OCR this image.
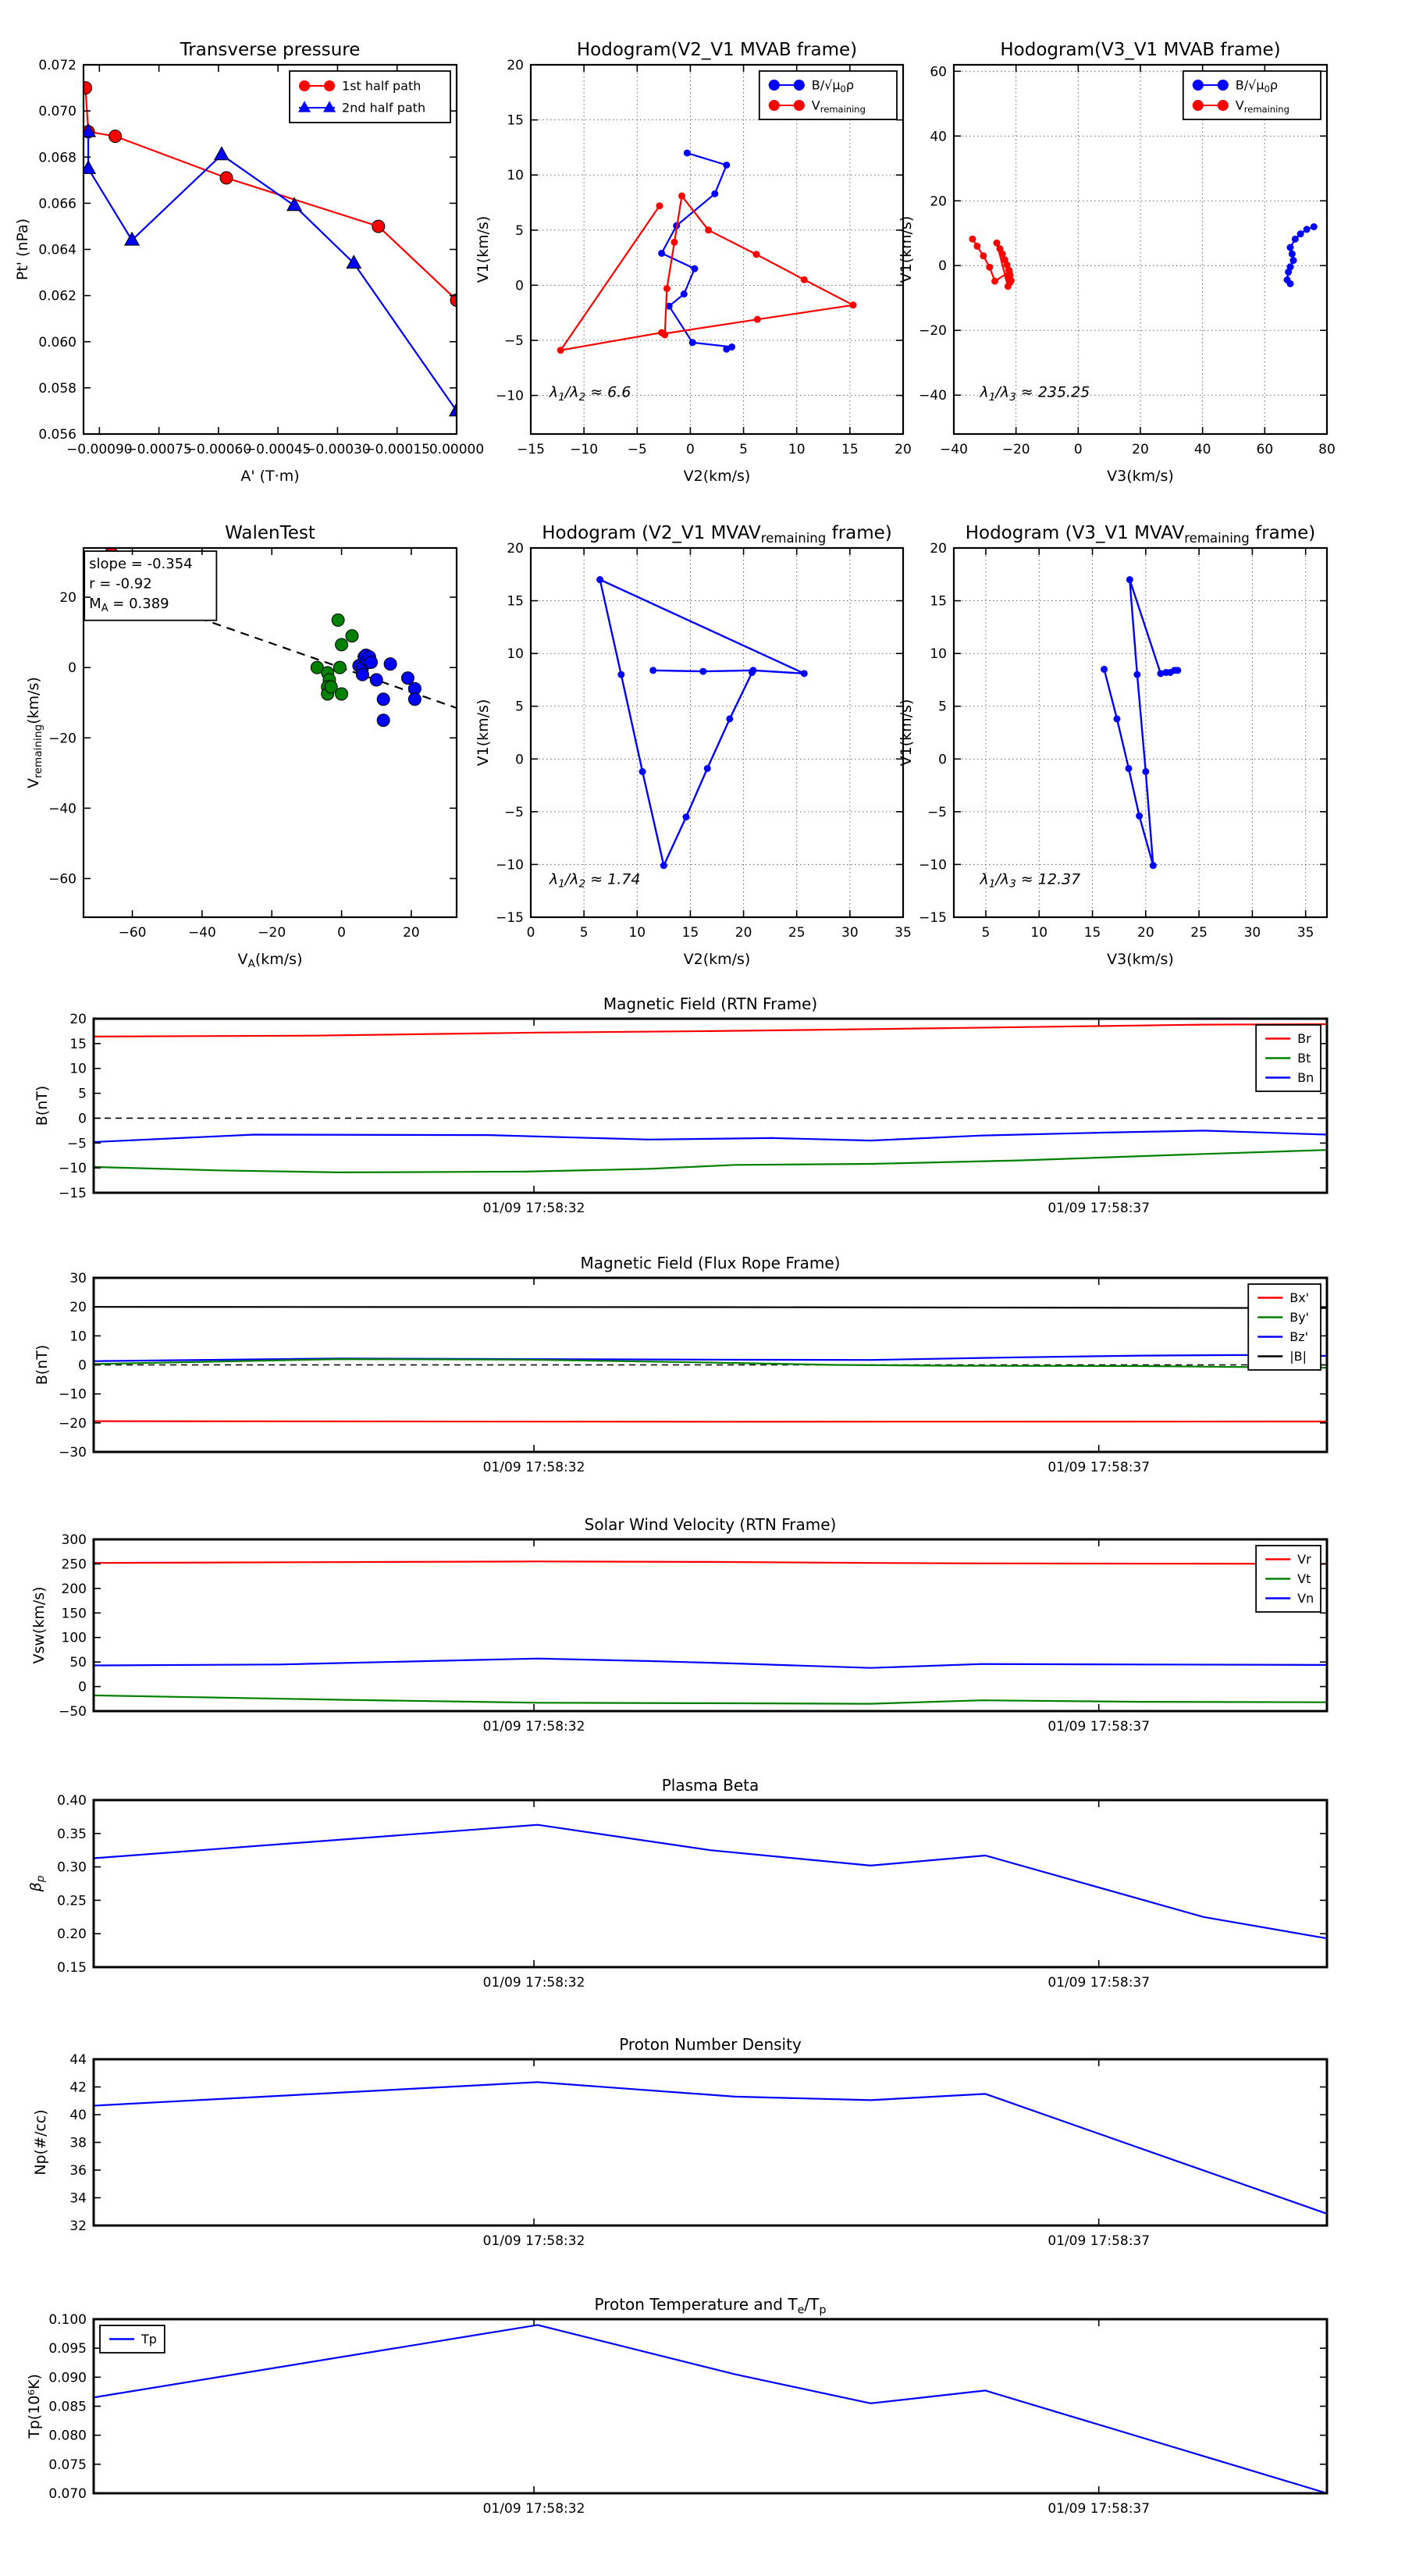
−0.00090
−0.00075
−0.00060
−0.00045
−0.00030
−0.00015
0.00000
0.056
0.058
0.060
0.062
0.064
0.066
0.068
0.070
0.072
Transverse pressure
A' (T·m)
Pt' (nPa)
1st half path
2nd half path
$\lambda_1/\lambda_2 \approx 6.6$
−15 −10 −5	0	5	10	15	20
−10
−5
0
5
10
15
20
Hodogram(V2_V1 MVAB frame)
V2(km/s)
V1(km/s)
$B/√\mu_0\rho$
$V_{remaining}$
$\lambda_1/\lambda_3 \approx 235.25$
−40	−20	0	20	40	60	80
−40
−20
0
20
40
60
Hodogram(V3_V1 MVAB frame)
V3(km/s)
V1(km/s)
$B/√\mu_0\rho$
$V_{remaining}$
slope = -0.354
r = -0.92
$M_A = 0.389$
−60	−40	−20	0	20
20
0
−20
−40
−60
WalenTest
$V_A(km/s)$
$V_{remaining}(km/s)$
$\lambda_1/\lambda_2 \approx 1.74$
0	5	10	15	20	25	30	35
−15
−10
−5
0
5
10
15
20
Hodogram (V2_V1 $MVAV_{remaining}$ frame)
V2(km/s)
V1(km/s)
$\lambda_1/\lambda_3 \approx 12.37$
5	10	15	20	25	30	35
−15
−10
−5
0
5
10
15
20
Hodogram (V3_V1 $MVAV_{remaining}$ frame)
V3(km/s)
V1(km/s)
01/09 17:58:32	01/09 17:58:37
−15
−10
−5
0
5
10
15
20
Magnetic Field (RTN Frame)
B(nT)
Br
Bt
Bn
01/09 17:58:32	01/09 17:58:37
−30
−20
−10
0
10
20
30
Magnetic Field (Flux Rope Frame)
B(nT)
Bx'
By'
Bz'
|B|
01/09 17:58:32	01/09 17:58:37
−50
0
50
100
150
200
250
300
Solar Wind Velocity (RTN Frame)
Vsw(km/s)
Vr
Vt
Vn
01/09 17:58:32	01/09 17:58:37
0.15
0.20
0.25
0.30
0.35
0.40
Plasma Beta
$\beta_p$
01/09 17:58:32	01/09 17:58:37
32
34
36
38
40
42
44
Proton Number Density
Np(#/cc)
01/09 17:58:32	01/09 17:58:37
0.070
0.075
0.080
0.085
0.090
0.095
0.100
Proton Temperature and $T_e/T_p$
Tp(10⁶K)
Tp
